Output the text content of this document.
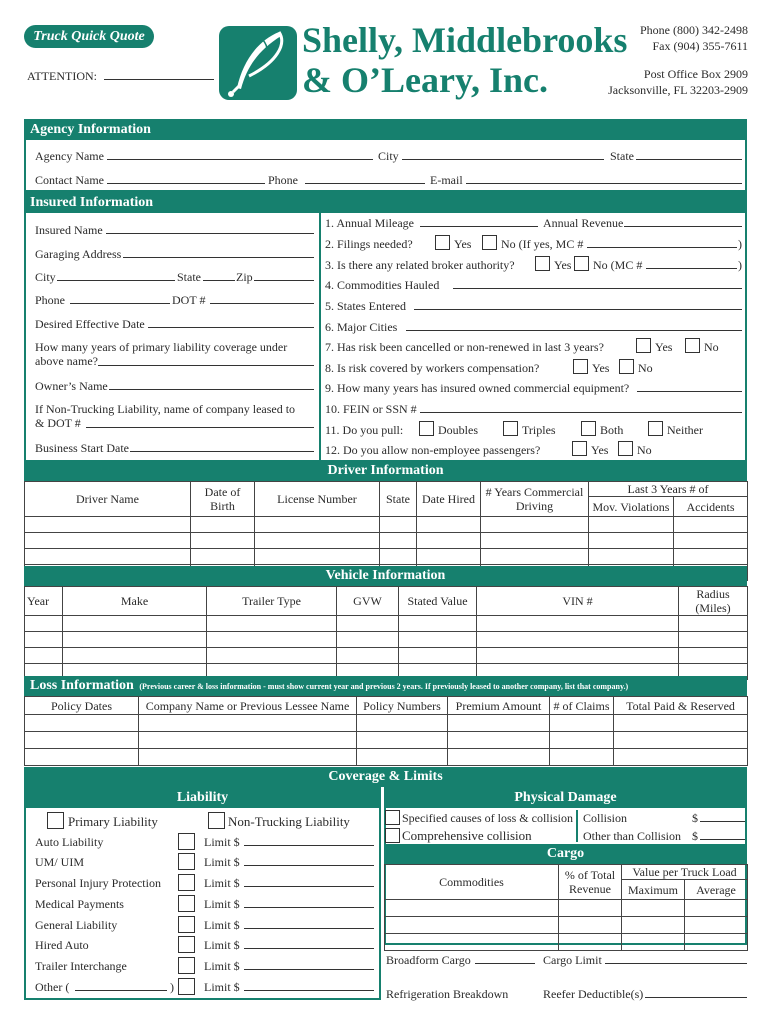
Truck Quick Quote
ATTENTION:
Shelly, Middlebrooks
& O’Leary, Inc.
Phone (800) 342-2498
Fax (904) 355-7611
Post Office Box 2909
Jacksonville, FL 32203-2909
Agency Information
Agency Name	City	State
Contact Name	Phone	E-mail
Insured Information
Insured Name
Garaging Address
City	State	Zip
Phone	DOT #
Desired Effective Date
How many years of primary liability coverage under above name?
Owner’s Name
If Non-Trucking Liability, name of company leased to & DOT #
Business Start Date
1. Annual Mileage	Annual Revenue
2. Filings needed?	Yes No (If yes, MC #	)
3. Is there any related broker authority?	Yes No (MC #	)
4. Commodities Hauled
5. States Entered
6. Major Cities
7. Has risk been cancelled or non-renewed in last 3 years?	Yes	No
8. Is risk covered by workers compensation?	Yes No
9. How many years has insured owned commercial equipment?
10. FEIN or SSN #
11. Do you pull:	Doubles	Triples	Both	Neither
12. Do you allow non-employee passengers?	Yes No
Driver Information
Driver Name	Date of Birth	License Number	State	Date Hired	# Years Commercial Driving	Last 3 Years # of	
						Mov. Violations	Accidents

Vehicle Information
Year	Make	Trailer Type	GVW	Stated Value	VIN #	Radius (Miles)

Loss Information (Previous career & loss information - must show current year and previous 2 years. If previously leased to another company, list that company.)
Policy Dates	Company Name or Previous Lessee Name	Policy Numbers	Premium Amount	# of Claims	Total Paid & Reserved

Coverage & Limits
Liability
Primary Liability	Non-Trucking Liability
Auto Liability	Limit $
UM/ UIM	Limit $
Personal Injury Protection	Limit $
Medical Payments	Limit $
General Liability	Limit $
Hired Auto	Limit $
Trailer Interchange	Limit $
Other (	)	Limit $
Physical Damage
Specified causes of loss & collision
Comprehensive collision
Collision	$
Other than Collision $
Cargo
Commodities	% of Total Revenue	Value per Truck Load	
		Maximum	Average

Broadform Cargo	Cargo Limit
Refrigeration Breakdown	Reefer Deductible(s)
